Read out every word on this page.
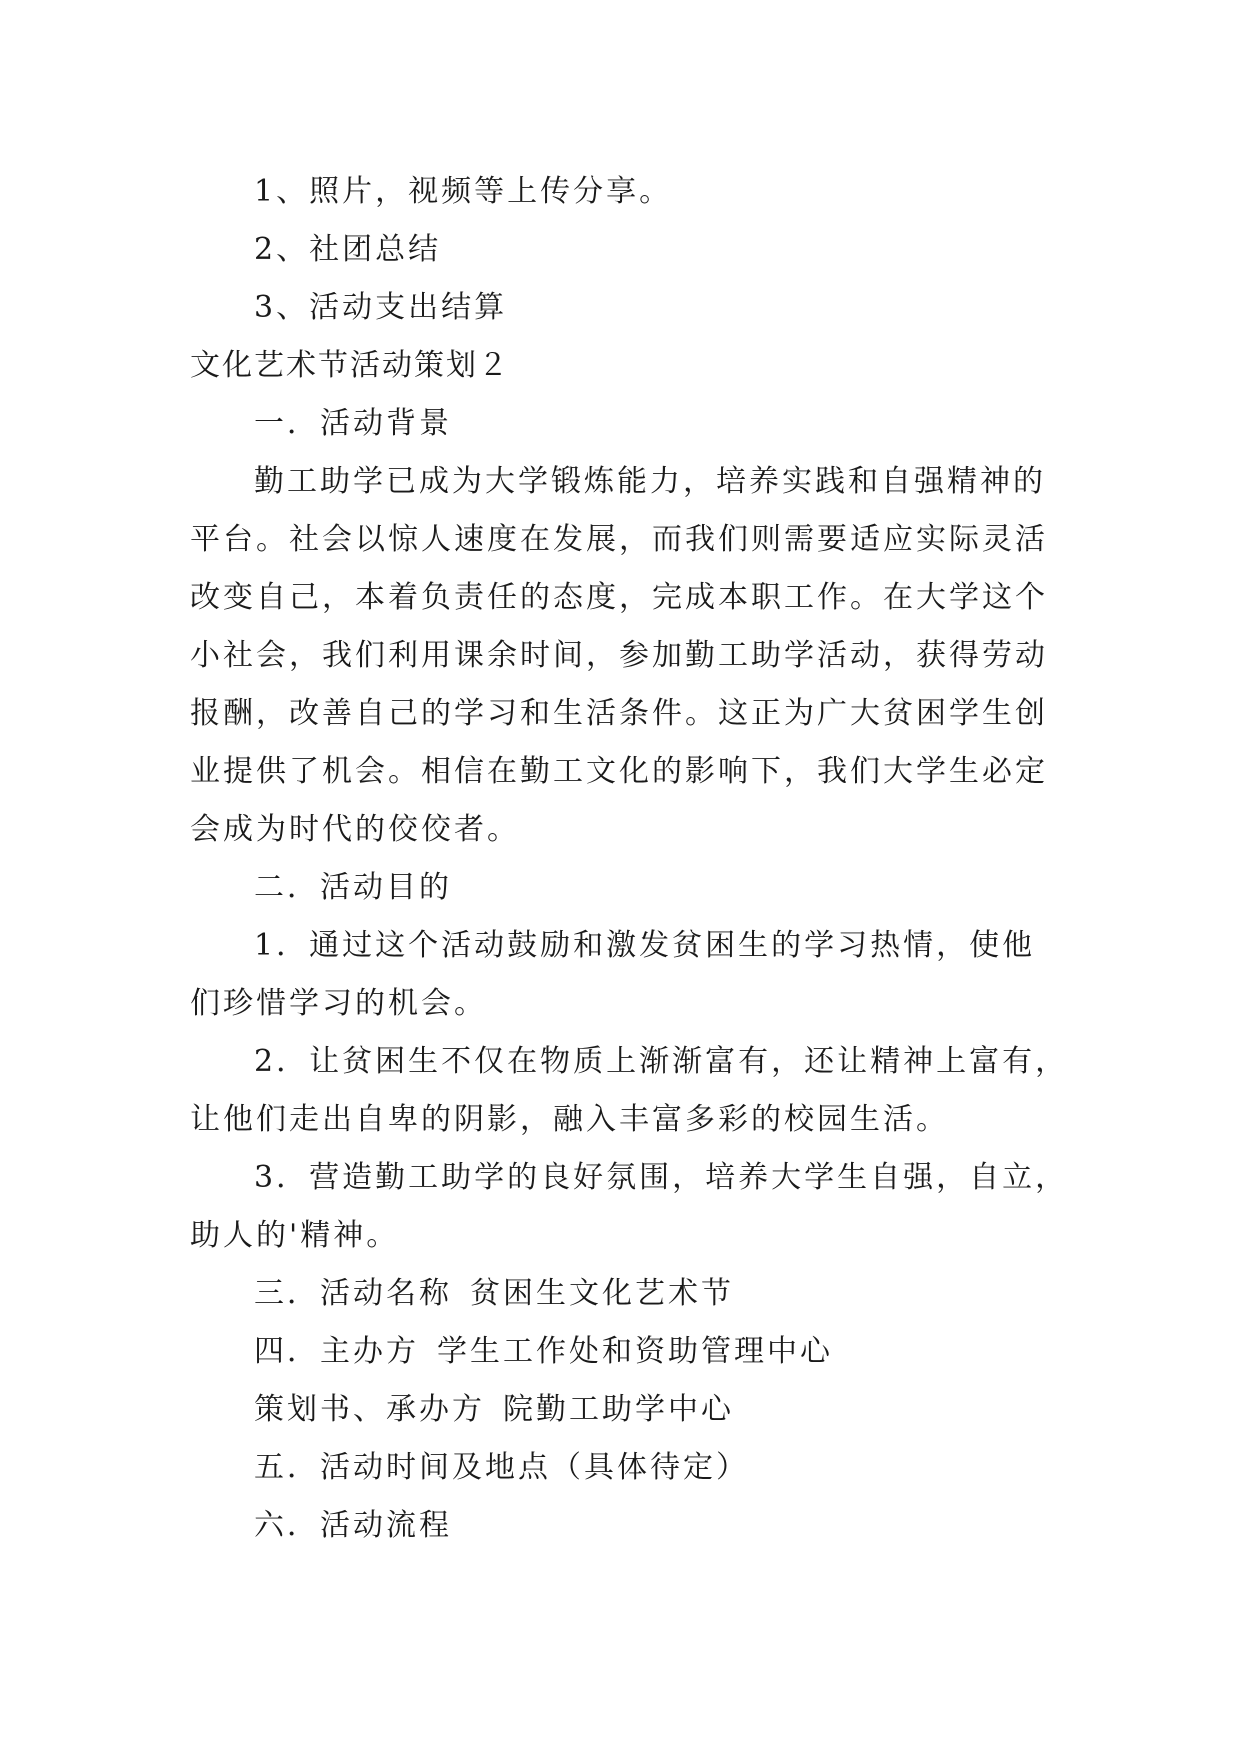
1、照片，视频等上传分享。
2、社团总结
3、活动支出结算
文化艺术节活动策划２
一．活动背景
勤工助学已成为大学锻炼能力，培养实践和自强精神的
平台。社会以惊人速度在发展，而我们则需要适应实际灵活
改变自己，本着负责任的态度，完成本职工作。在大学这个
小社会，我们利用课余时间，参加勤工助学活动，获得劳动
报酬，改善自己的学习和生活条件。这正为广大贫困学生创
业提供了机会。相信在勤工文化的影响下，我们大学生必定
会成为时代的佼佼者。
二．活动目的
1．通过这个活动鼓励和激发贫困生的学习热情，使他
们珍惜学习的机会。
2．让贫困生不仅在物质上渐渐富有，还让精神上富有，
让他们走出自卑的阴影，融入丰富多彩的校园生活。
3．营造勤工助学的良好氛围，培养大学生自强，自立，
助人的'精神。
三．活动名称 贫困生文化艺术节
四．主办方 学生工作处和资助管理中心
策划书、承办方 院勤工助学中心
五．活动时间及地点（具体待定）
六．活动流程
